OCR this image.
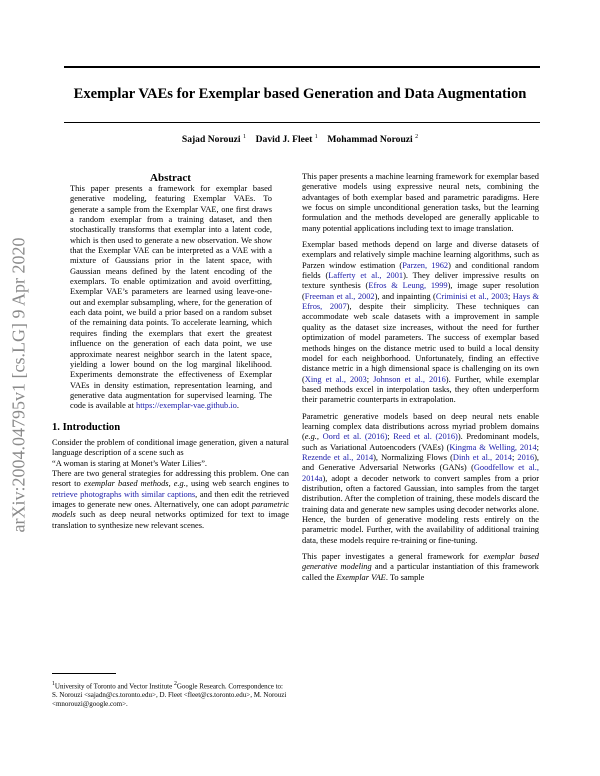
Exemplar VAEs for Exemplar based Generation and Data Augmentation
Sajad Norouzi $^1$ David J. Fleet $^1$ Mohammad Norouzi $^2$
arXiv:2004.04795v1 [cs.LG] 9 Apr 2020
Abstract

This paper presents a framework for exemplar based generative modeling, featuring Exemplar VAEs. To generate a sample from the Exemplar VAE, one first draws a random exemplar from a training dataset, and then stochastically transforms that exemplar into a latent code, which is then used to generate a new observation. We show that the Exemplar VAE can be interpreted as a VAE with a mixture of Gaussians prior in the latent space, with Gaussian means defined by the latent encoding of the exemplars. To enable optimization and avoid overfitting, Exemplar VAE’s parameters are learned using leave-one-out and exemplar subsampling, where, for the generation of each data point, we build a prior based on a random subset of the remaining data points. To accelerate learning, which requires finding the exemplars that exert the greatest influence on the generation of each data point, we use approximate nearest neighbor search in the latent space, yielding a lower bound on the log marginal likelihood. Experiments demonstrate the effectiveness of Exemplar VAEs in density estimation, representation learning, and generative data augmentation for supervised learning. The code is available at https://exemplar-vae.github.io.

1. Introduction

Consider the problem of conditional image generation, given a natural language description of a scene such as

“A woman is staring at Monet’s Water Lilies”.

There are two general strategies for addressing this problem. One can resort to exemplar based methods, e.g., using web search engines to retrieve photographs with similar captions, and then edit the retrieved images to generate new ones. Alternatively, one can adopt parametric models such as deep neural networks optimized for text to image translation to synthesize new relevant scenes.

$^1$University of Toronto and Vector Institute $^2$Google Research. Correspondence to: S. Norouzi <sajadn@cs.toronto.edu>, D. Fleet <fleet@cs.toronto.edu>, M. Norouzi <mnorouzi@google.com>.

This paper presents a machine learning framework for exemplar based generative models using expressive neural nets, combining the advantages of both exemplar based and parametric paradigms. Here we focus on simple unconditional generation tasks, but the learning formulation and the methods developed are generally applicable to many potential applications including text to image translation.

Exemplar based methods depend on large and diverse datasets of exemplars and relatively simple machine learning algorithms, such as Parzen window estimation (Parzen, 1962) and conditional random fields (Lafferty et al., 2001). They deliver impressive results on texture synthesis (Efros & Leung, 1999), image super resolution (Freeman et al., 2002), and inpainting (Criminisi et al., 2003; Hays & Efros, 2007), despite their simplicity. These techniques can accommodate web scale datasets with a improvement in sample quality as the dataset size increases, without the need for further optimization of model parameters. The success of exemplar based methods hinges on the distance metric used to build a local density model for each neighborhood. Unfortunately, finding an effective distance metric in a high dimensional space is challenging on its own (Xing et al., 2003; Johnson et al., 2016). Further, while exemplar based methods excel in interpolation tasks, they often underperform their parametric counterparts in extrapolation.

Parametric generative models based on deep neural nets enable learning complex data distributions across myriad problem domains (e.g., Oord et al. (2016); Reed et al. (2016)). Predominant models, such as Variational Autoencoders (VAEs) (Kingma & Welling, 2014; Rezende et al., 2014), Normalizing Flows (Dinh et al., 2014; 2016), and Generative Adversarial Networks (GANs) (Goodfellow et al., 2014a), adopt a decoder network to convert samples from a prior distribution, often a factored Gaussian, into samples from the target distribution. After the completion of training, these models discard the training data and generate new samples using decoder networks alone. Hence, the burden of generative modeling rests entirely on the parametric model. Further, with the availability of additional training data, these models require re-training or fine-tuning.

This paper investigates a general framework for exemplar based generative modeling and a particular instantiation of this framework called the Exemplar VAE. To sample
